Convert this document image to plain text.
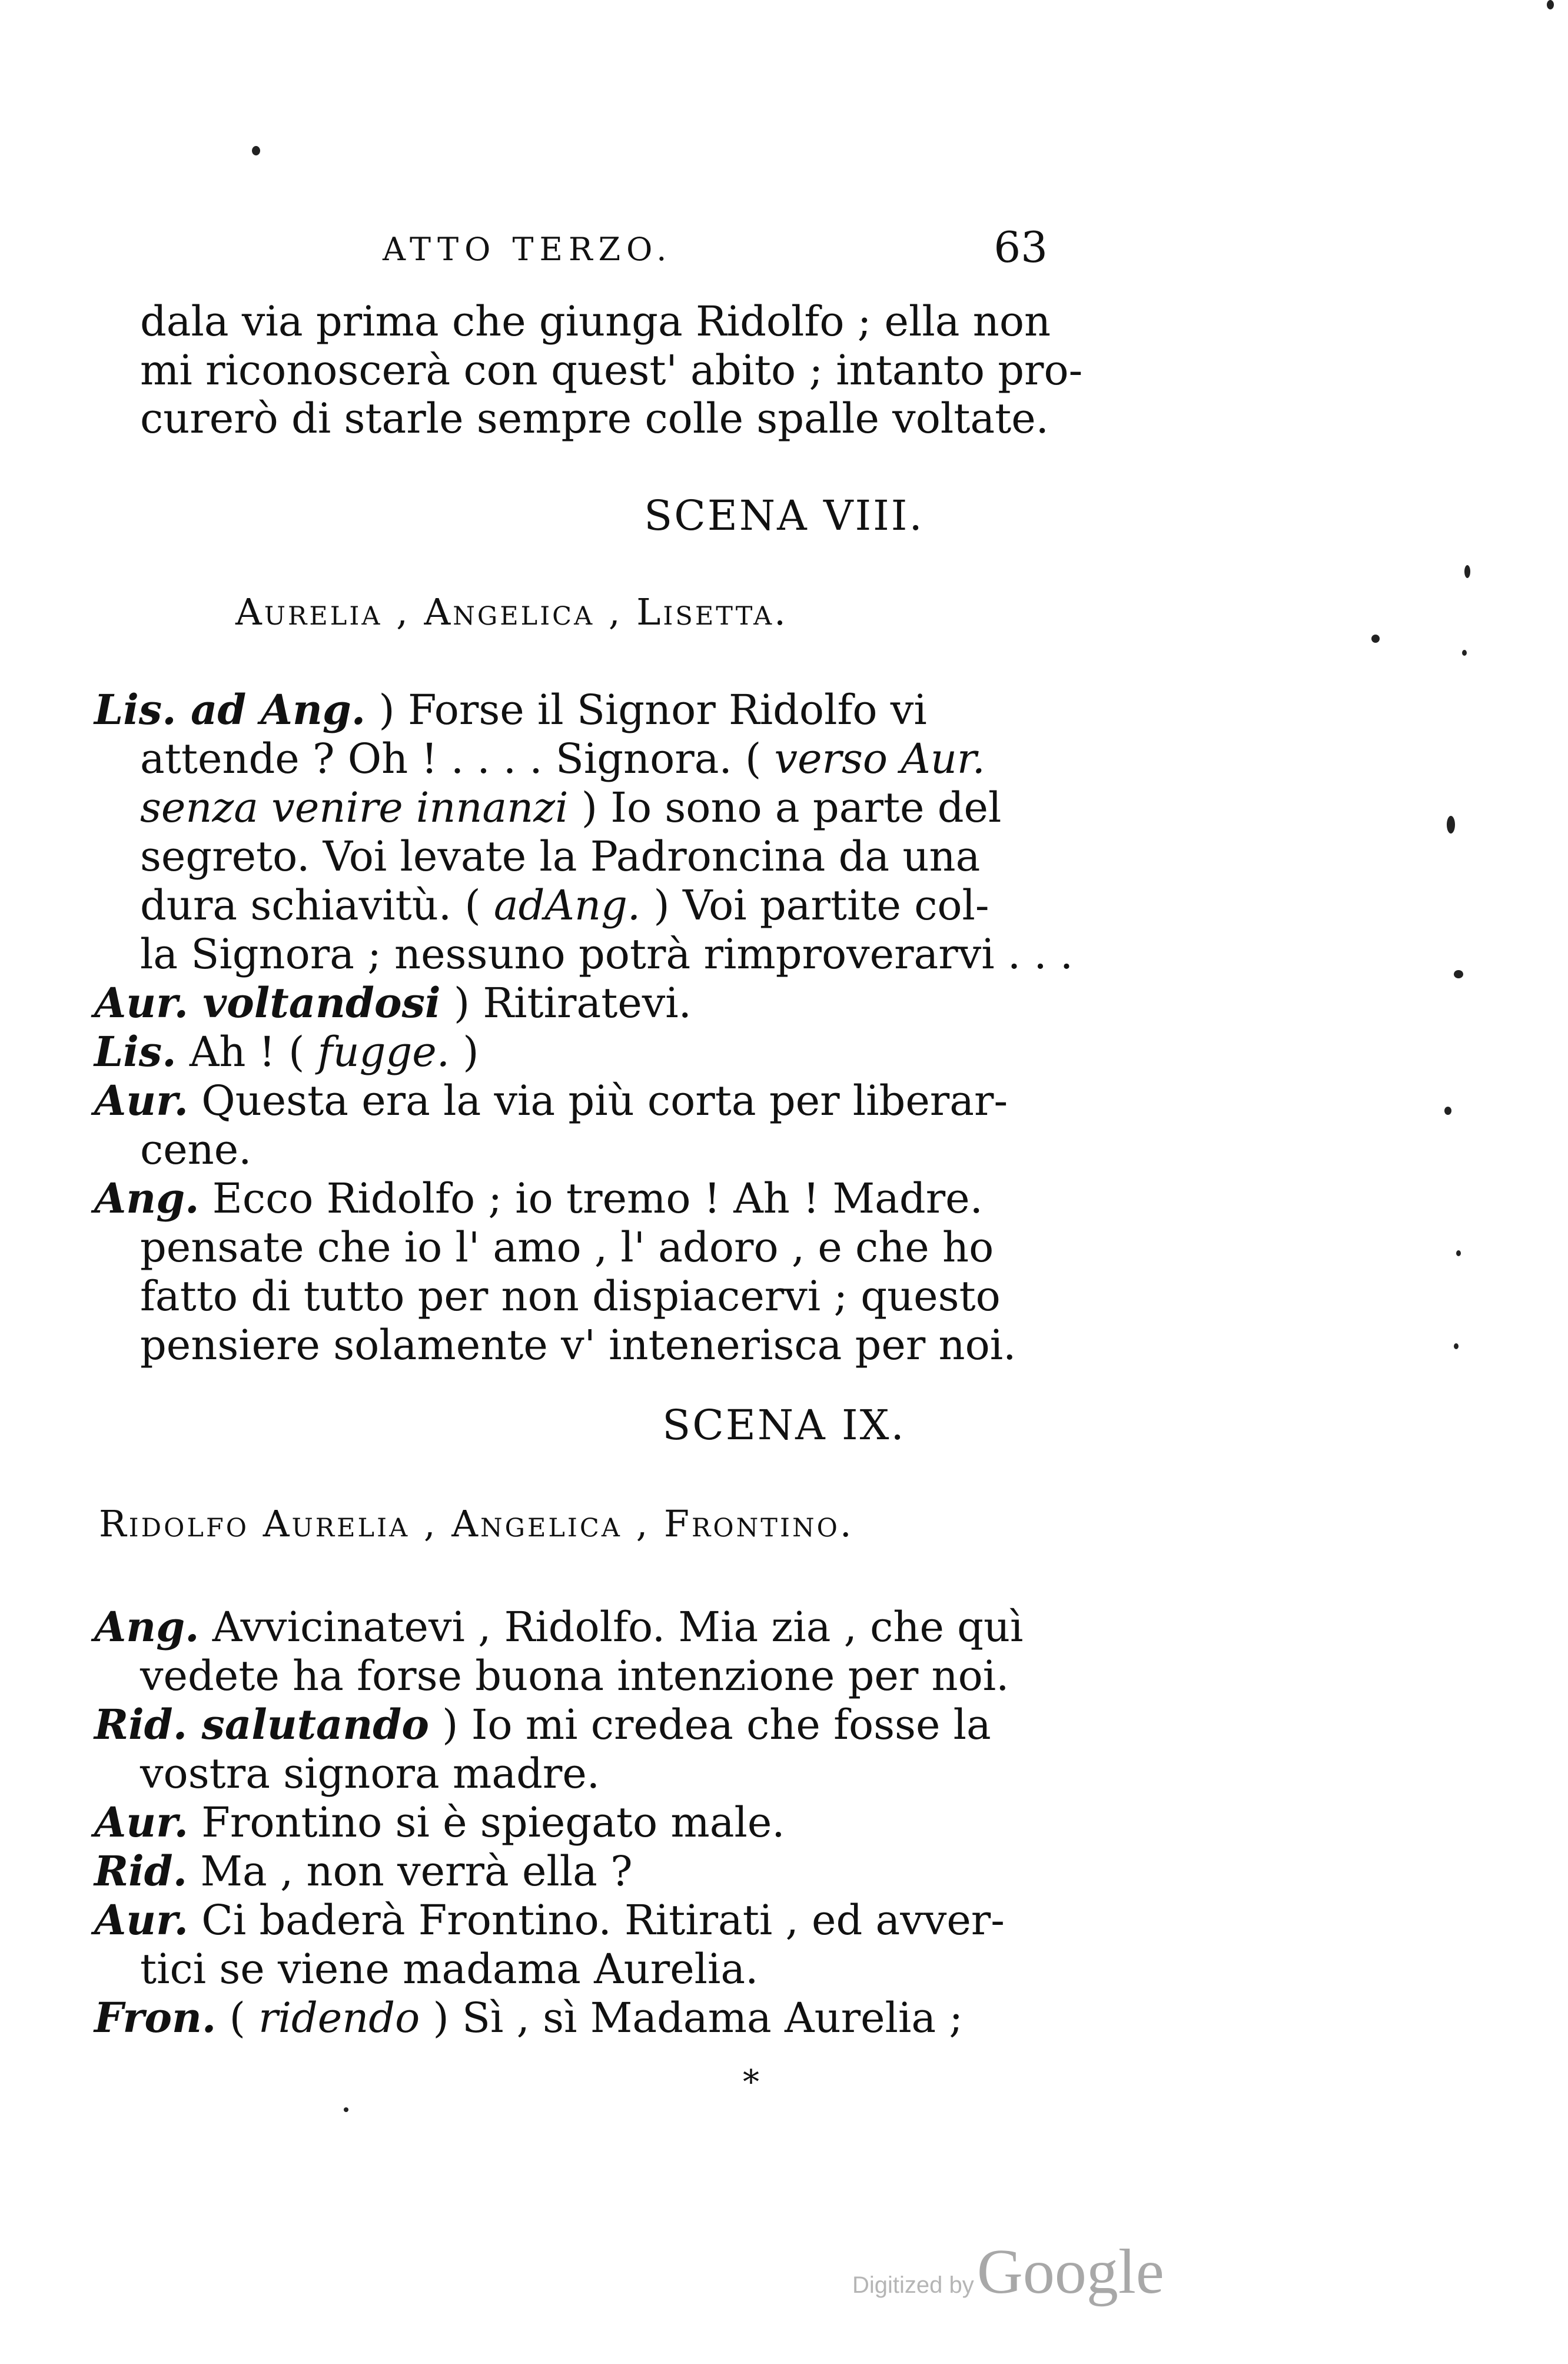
ATTO TERZO.	63
dala via prima che giunga Ridolfo ; ella non
mi riconoscerà con quest' abito ; intanto pro-
curerò di starle sempre colle spalle voltate.
SCENA VIII.
Aurelia , Angelica , Lisetta.
Lis. ad Ang. ) Forse il Signor Ridolfo vi
attende ? Oh ! . . . . Signora. ( verso Aur.
senza venire innanzi ) Io sono a parte del
segreto. Voi levate la Padroncina da una
dura schiavitù. ( adAng. ) Voi partite col-
la Signora ; nessuno potrà rimproverarvi . . .
Aur. voltandosi ) Ritiratevi.
Lis. Ah ! ( fugge. )
Aur. Questa era la via più corta per liberar-
cene.
Ang. Ecco Ridolfo ; io tremo ! Ah ! Madre.
pensate che io l' amo , l' adoro , e che ho
fatto di tutto per non dispiacervi ; questo
pensiere solamente v' intenerisca per noi.
SCENA IX.
Ridolfo Aurelia , Angelica , Frontino.
Ang. Avvicinatevi , Ridolfo. Mia zia , che quì
vedete ha forse buona intenzione per noi.
Rid. salutando ) Io mi credea che fosse la
vostra signora madre.
Aur. Frontino si è spiegato male.
Rid. Ma , non verrà ella ?
Aur. Ci baderà Frontino. Ritirati , ed avver-
tici se viene madama Aurelia.
Fron. ( ridendo ) Sì , sì Madama Aurelia ;
*
Digitized by Google
